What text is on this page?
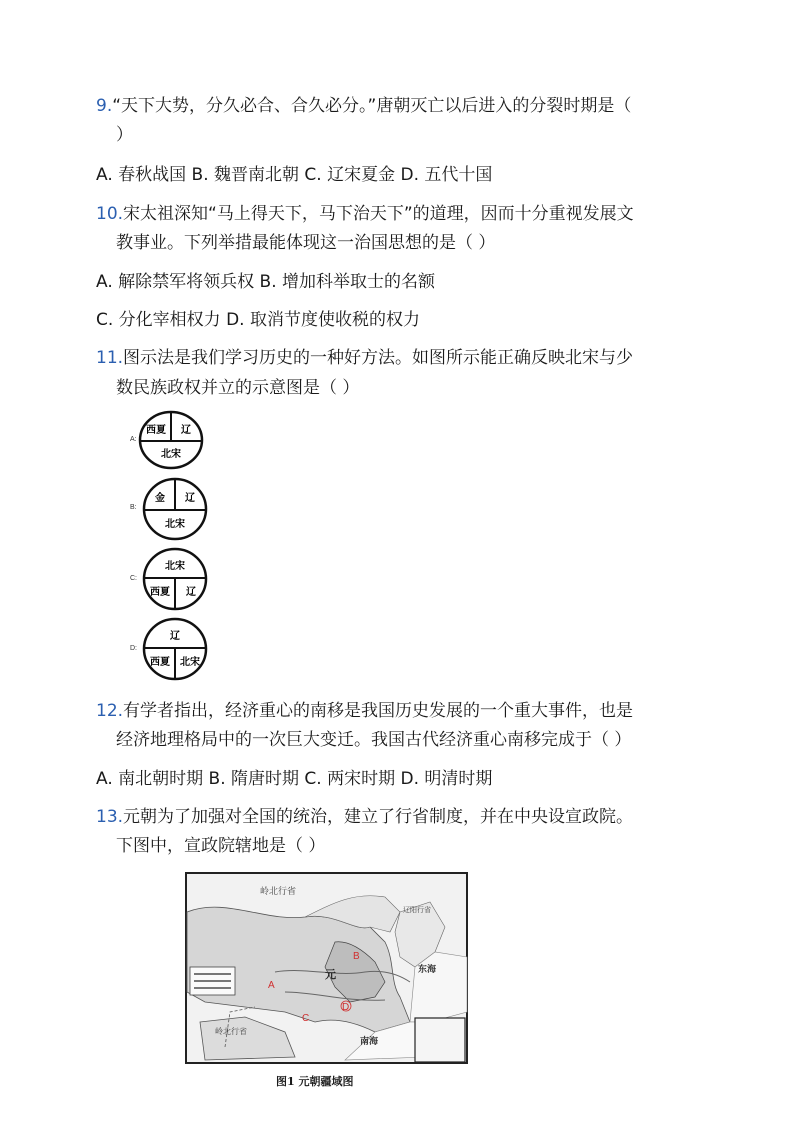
9.“天下大势，分久必合、合久必分。”唐朝灭亡以后进入的分裂时期是（
）
A. 春秋战国 B. 魏晋南北朝 C. 辽宋夏金 D. 五代十国
10.宋太祖深知“马上得天下，马下治天下”的道理，因而十分重视发展文
教事业。下列举措最能体现这一治国思想的是（ ）
A. 解除禁军将领兵权 B. 增加科举取士的名额
C. 分化宰相权力 D. 取消节度使收税的权力
11.图示法是我们学习历史的一种好方法。如图所示能正确反映北宋与少
数民族政权并立的示意图是（ ）
A:
西夏 辽
北宋
B:
金 辽
北宋
C:
北宋
西夏 辽
D:
辽
西夏 北宋
12.有学者指出，经济重心的南移是我国历史发展的一个重大事件，也是
经济地理格局中的一次巨大变迁。我国古代经济重心南移完成于（ ）
A. 南北朝时期 B. 隋唐时期 C. 两宋时期 D. 明清时期
13.元朝为了加强对全国的统治，建立了行省制度，并在中央设宣政院。
下图中，宣政院辖地是（ ）
岭北行省
辽阳行省
元	东海
南海
岭北行省
A
B
C
D
图1 元朝疆域图
